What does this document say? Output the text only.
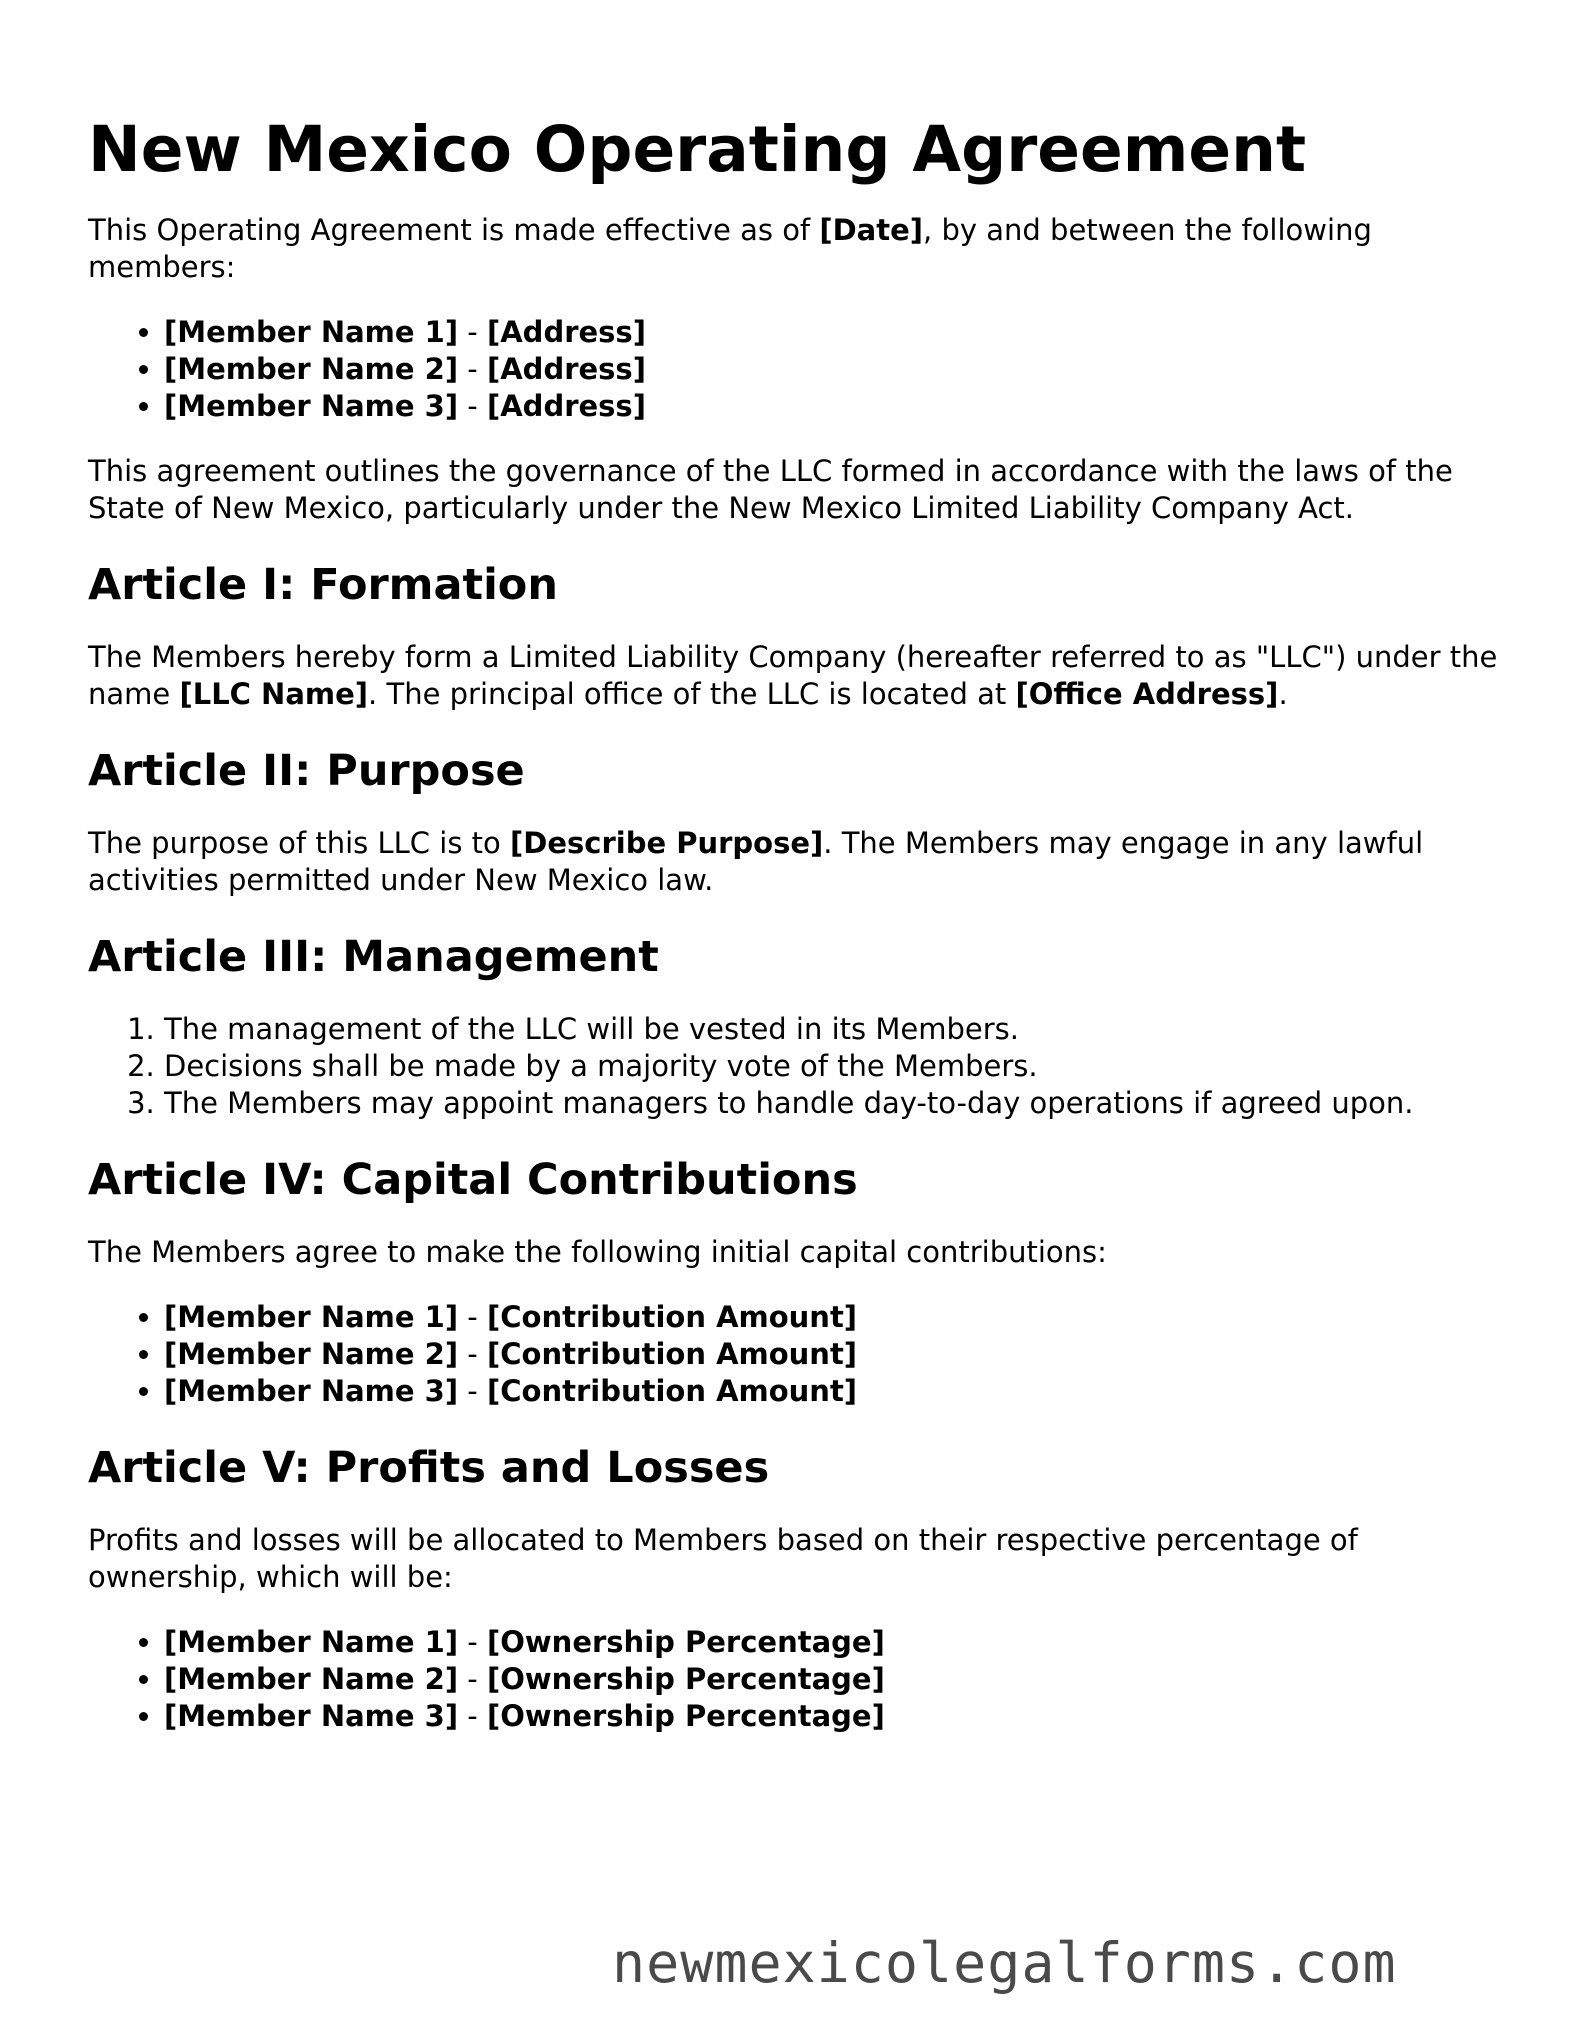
New Mexico Operating Agreement

This Operating Agreement is made effective as of [Date], by and between the following members:

• [Member Name 1] - [Address]
• [Member Name 2] - [Address]
• [Member Name 3] - [Address]

This agreement outlines the governance of the LLC formed in accordance with the laws of the State of New Mexico, particularly under the New Mexico Limited Liability Company Act.

Article I: Formation

The Members hereby form a Limited Liability Company (hereafter referred to as "LLC") under the name [LLC Name]. The principal office of the LLC is located at [Office Address].

Article II: Purpose

The purpose of this LLC is to [Describe Purpose]. The Members may engage in any lawful activities permitted under New Mexico law.

Article III: Management
1. The management of the LLC will be vested in its Members.
2. Decisions shall be made by a majority vote of the Members.
3. The Members may appoint managers to handle day-to-day operations if agreed upon.
Article IV: Capital Contributions

The Members agree to make the following initial capital contributions:

• [Member Name 1] - [Contribution Amount]
• [Member Name 2] - [Contribution Amount]
• [Member Name 3] - [Contribution Amount]
Article V: Profits and Losses

Profits and losses will be allocated to Members based on their respective percentage of ownership, which will be:

• [Member Name 1] - [Ownership Percentage]
• [Member Name 2] - [Ownership Percentage]
• [Member Name 3] - [Ownership Percentage]
newmexicolegalforms.com
